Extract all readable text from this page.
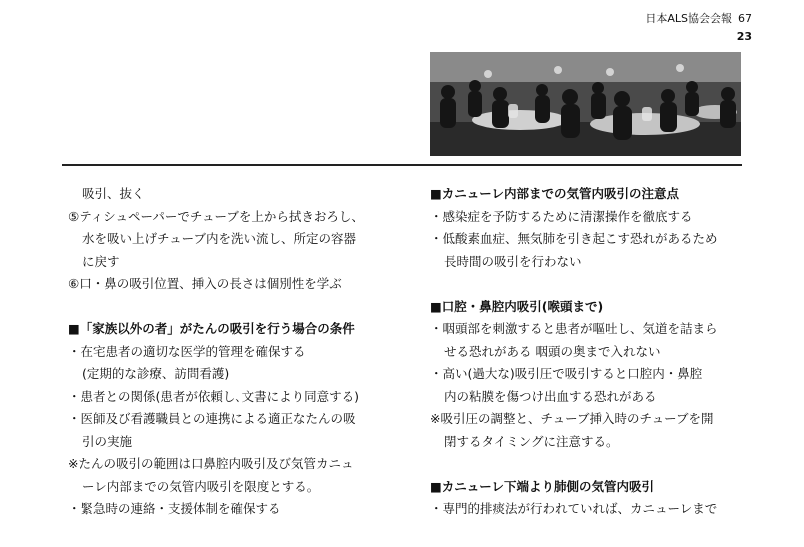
日本ALS協会会報 67
23
吸引、抜く
⑤ティシュペーパーでチューブを上から拭きおろし、
水を吸い上げチューブ内を洗い流し、所定の容器
に戻す
⑥口・鼻の吸引位置、挿入の長さは個別性を学ぶ
■「家族以外の者」がたんの吸引を行う場合の条件
・在宅患者の適切な医学的管理を確保する
(定期的な診療、訪問看護)
・患者との関係(患者が依頼し､文書により同意する)
・医師及び看護職員との連携による適正なたんの吸
引の実施
※たんの吸引の範囲は口鼻腔内吸引及び気管カニュ
ーレ内部までの気管内吸引を限度とする。
・緊急時の連絡・支援体制を確保する
■カニューレ内部までの気管内吸引の注意点
・感染症を予防するために清潔操作を徹底する
・低酸素血症、無気肺を引き起こす恐れがあるため
長時間の吸引を行わない
■口腔・鼻腔内吸引(喉頭まで)
・咽頭部を刺激すると患者が嘔吐し、気道を詰まら
せる恐れがある 咽頭の奥まで入れない
・高い(過大な)吸引圧で吸引すると口腔内・鼻腔
内の粘膜を傷つけ出血する恐れがある
※吸引圧の調整と、チューブ挿入時のチューブを開
閉するタイミングに注意する。
■カニューレ下端より肺側の気管内吸引
・専門的排痰法が行われていれば、カニューレまで
